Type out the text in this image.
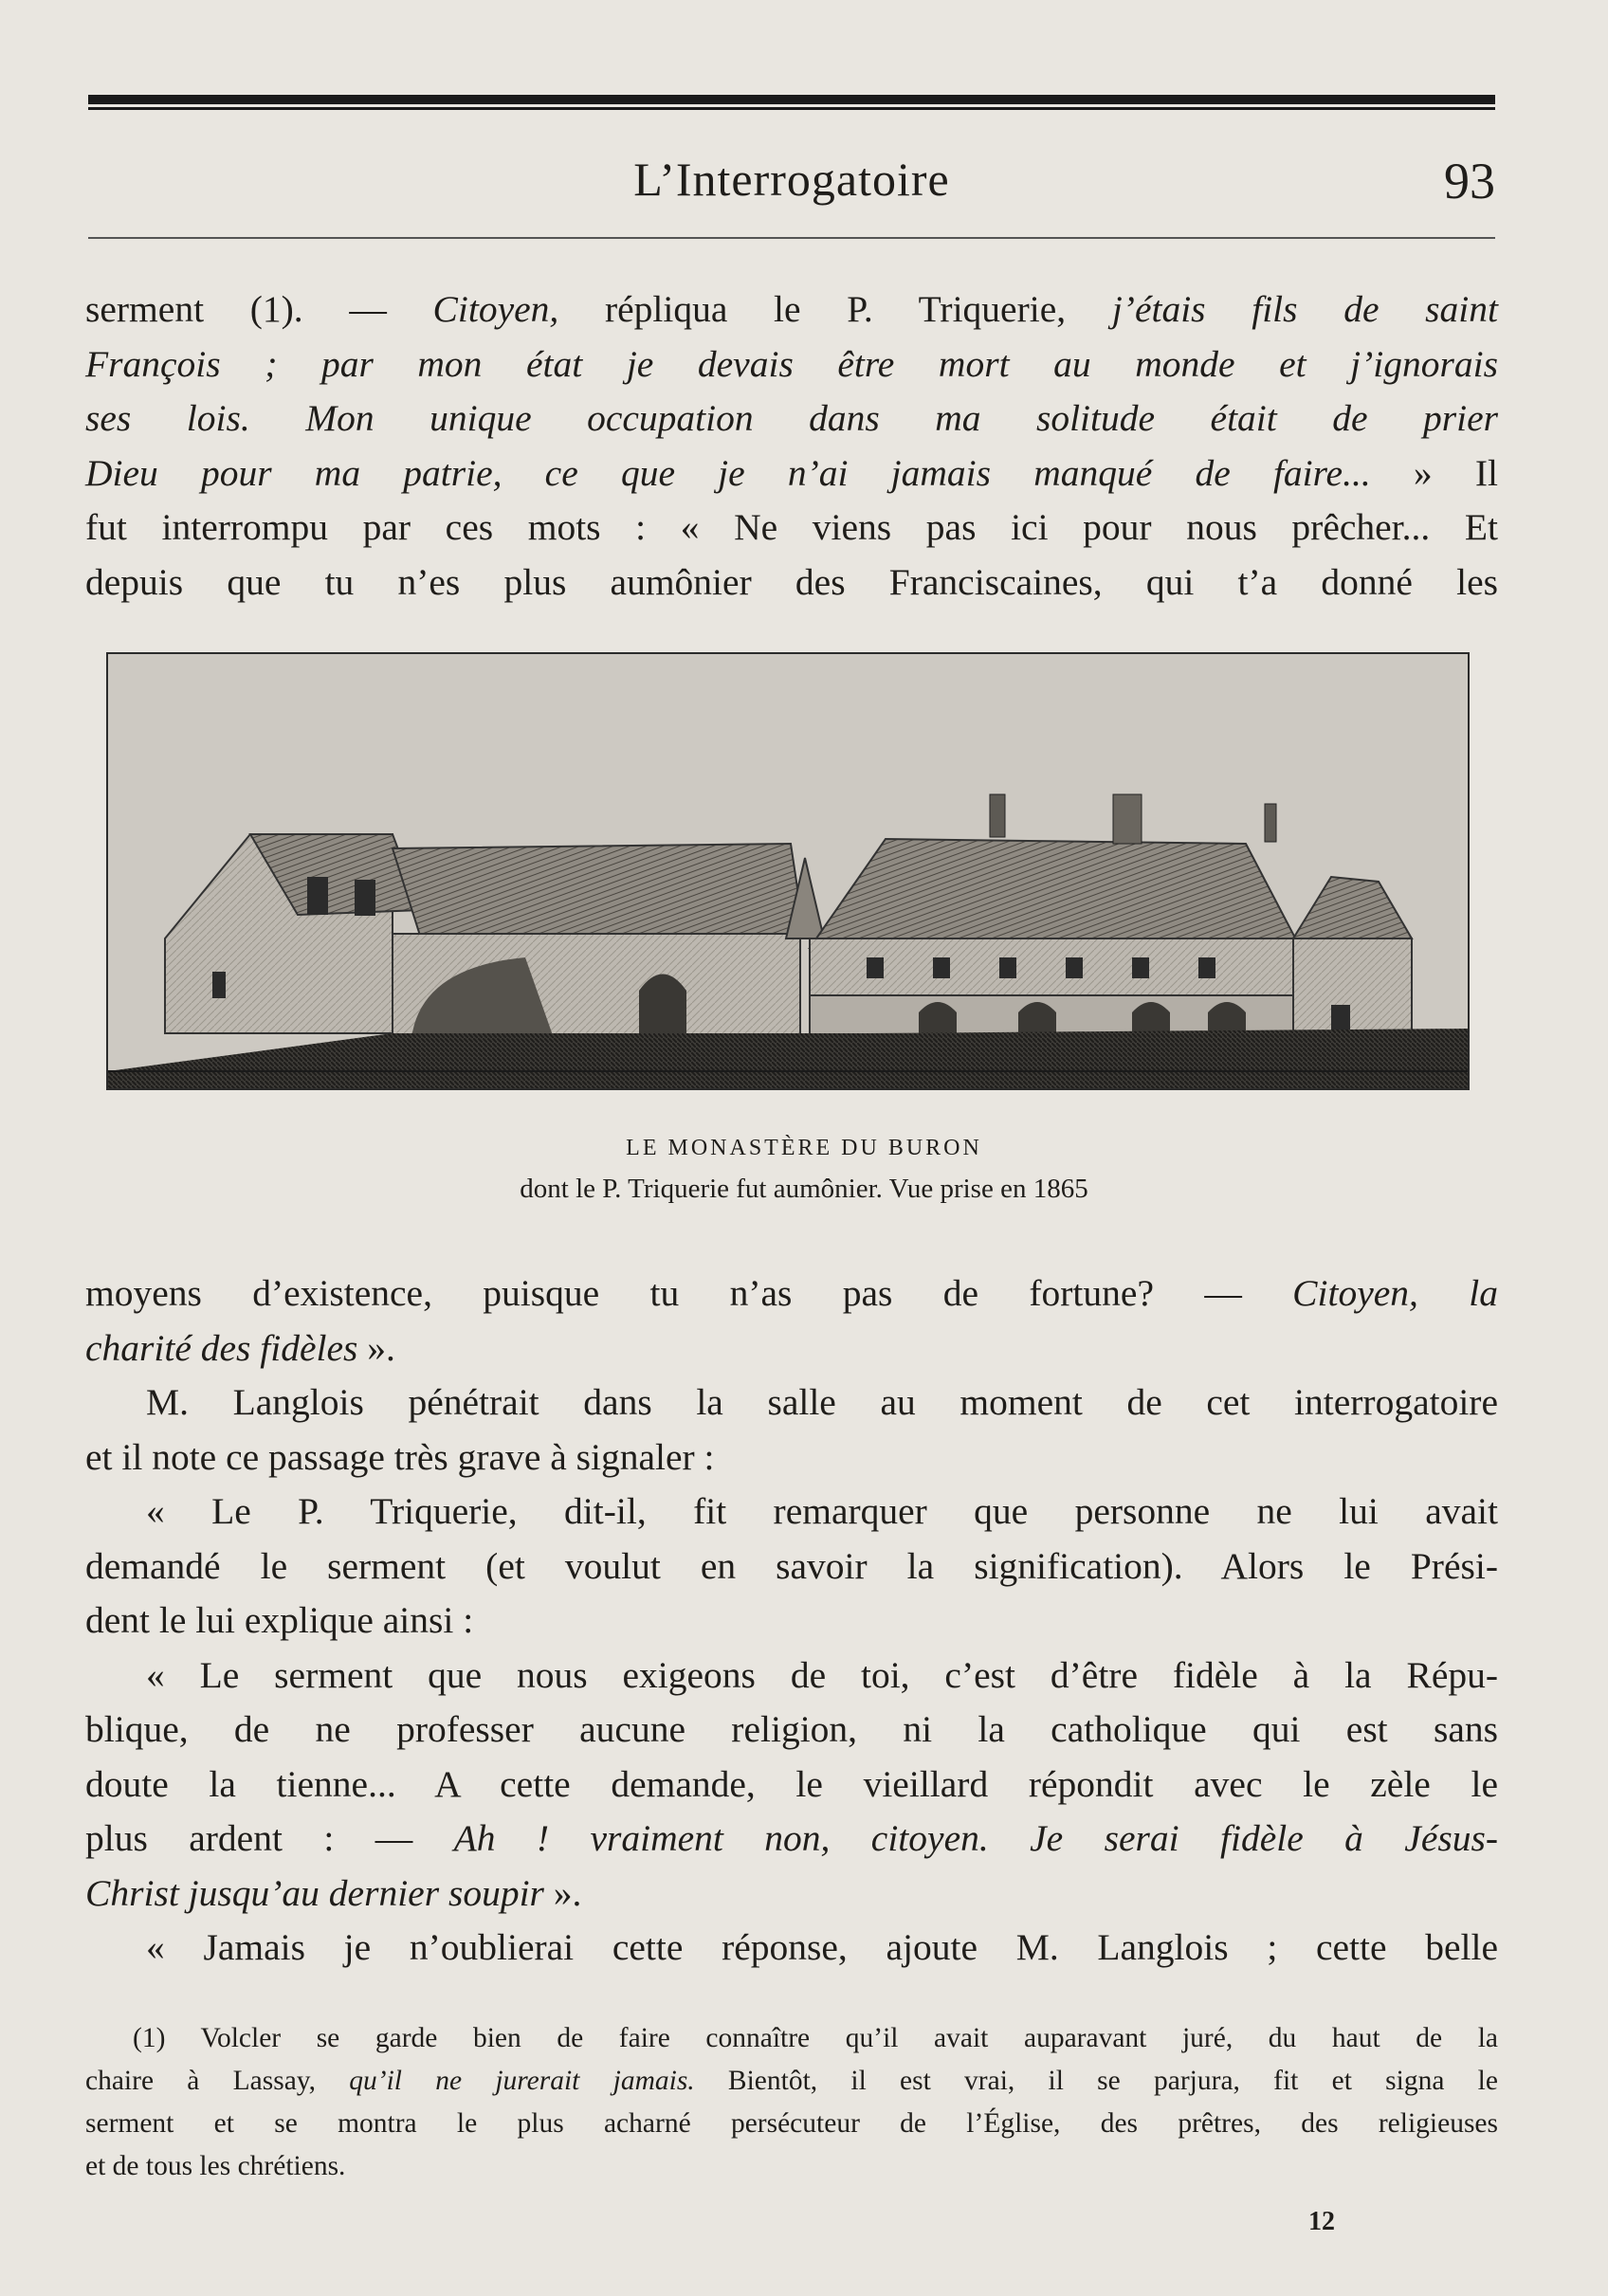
L’Interrogatoire	93

serment (1). — Citoyen, répliqua le P. Triquerie, j’étais fils de saint
François ; par mon état je devais être mort au monde et j’ignorais
ses lois. Mon unique occupation dans ma solitude était de prier
Dieu pour ma patrie, ce que je n’ai jamais manqué de faire... » Il
fut interrompu par ces mots : « Ne viens pas ici pour nous prêcher... Et
depuis que tu n’es plus aumônier des Franciscaines, qui t’a donné les

LE MONASTÈRE DU BURON
dont le P. Triquerie fut aumônier. Vue prise en 1865

moyens d’existence, puisque tu n’as pas de fortune? — Citoyen, la
charité des fidèles ».

M. Langlois pénétrait dans la salle au moment de cet interrogatoire
et il note ce passage très grave à signaler :

« Le P. Triquerie, dit-il, fit remarquer que personne ne lui avait
demandé le serment (et voulut en savoir la signification). Alors le Prési-
dent le lui explique ainsi :

« Le serment que nous exigeons de toi, c’est d’être fidèle à la Répu-
blique, de ne professer aucune religion, ni la catholique qui est sans
doute la tienne... A cette demande, le vieillard répondit avec le zèle le
plus ardent : — Ah ! vraiment non, citoyen. Je serai fidèle à Jésus-
Christ jusqu’au dernier soupir ».

« Jamais je n’oublierai cette réponse, ajoute M. Langlois ; cette belle

(1) Volcler se garde bien de faire connaître qu’il avait auparavant juré, du haut de la
chaire à Lassay, qu’il ne jurerait jamais. Bientôt, il est vrai, il se parjura, fit et signa le
serment et se montra le plus acharné persécuteur de l’Église, des prêtres, des religieuses
et de tous les chrétiens.
12
